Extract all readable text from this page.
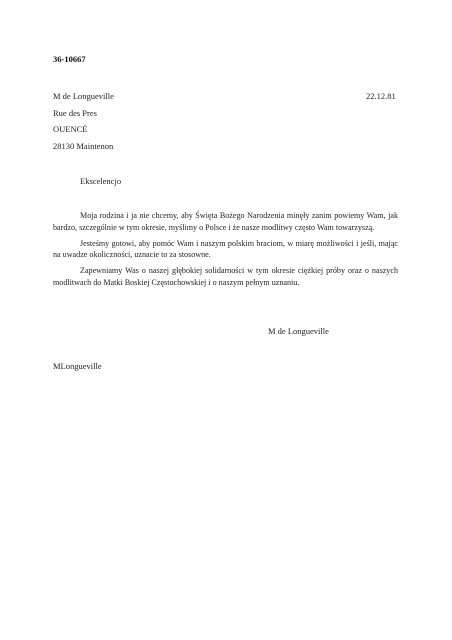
36-10667
M de Longueville
Rue des Pres
OUENCÉ
28130 Maintenon
22.12.81
Ekscelencjo

Moja rodzina i ja nie chcemy, aby Święta Bożego Narodzenia minęły zanim powiemy Wam, jak bardzo, szczególnie w tym okresie, myślimy o Polsce i że nasze modlitwy często Wam towarzyszą.

Jesteśmy gotowi, aby pomóc Wam i naszym polskim braciom, w miarę możliwości i jeśli, mając na uwadze okoliczności, uznacie to za stosowne.

Zapewniamy Was o naszej głębokiej solidarności w tym okresie ciężkiej próby oraz o naszych modlitwach do Matki Boskiej Częstochowskiej i o naszym pełnym uznaniu.

M de Longueville
MLongueville
